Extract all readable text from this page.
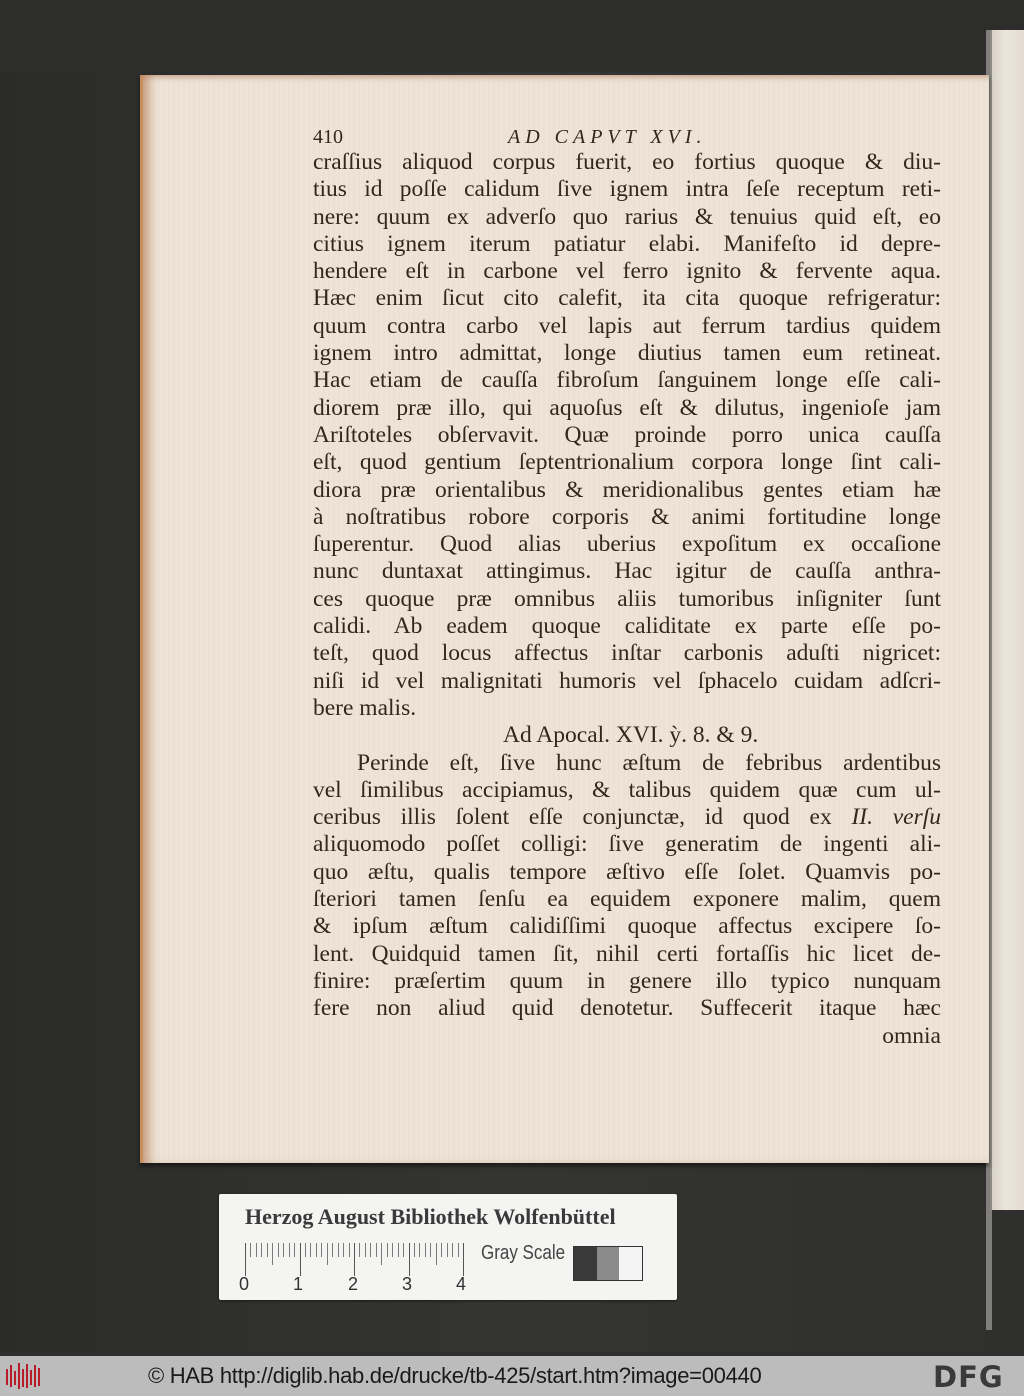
410	AD CAPVT XVI.
craſſius aliquod corpus fuerit, eo fortius quoque & diu-
tius id poſſe calidum ſive ignem intra ſeſe receptum reti-
nere: quum ex adverſo quo rarius & tenuius quid eſt, eo
citius ignem iterum patiatur elabi. Manifeſto id depre-
hendere eſt in carbone vel ferro ignito & fervente aqua.
Hæc enim ſicut cito calefit, ita cita quoque refrigeratur:
quum contra carbo vel lapis aut ferrum tardius quidem
ignem intro admittat, longe diutius tamen eum retineat.
Hac etiam de cauſſa fibroſum ſanguinem longe eſſe cali-
diorem præ illo, qui aquoſus eſt & dilutus, ingenioſe jam
Ariſtoteles obſervavit. Quæ proinde porro unica cauſſa
eſt, quod gentium ſeptentrionalium corpora longe ſint cali-
diora præ orientalibus & meridionalibus gentes etiam hæ
à noſtratibus robore corporis & animi fortitudine longe
ſuperentur. Quod alias uberius expoſitum ex occaſione
nunc duntaxat attingimus. Hac igitur de cauſſa anthra-
ces quoque præ omnibus aliis tumoribus inſigniter ſunt
calidi. Ab eadem quoque caliditate ex parte eſſe po-
teſt, quod locus affectus inſtar carbonis aduſti nigricet:
niſi id vel malignitati humoris vel ſphacelo cuidam adſcri-
bere malis.
Ad Apocal. XVI. ỳ. 8. & 9.
Perinde eſt, ſive hunc æſtum de febribus ardentibus
vel ſimilibus accipiamus, & talibus quidem quæ cum ul-
ceribus illis ſolent eſſe conjunctæ, id quod ex II. verſu
aliquomodo poſſet colligi: ſive generatim de ingenti ali-
quo æſtu, qualis tempore æſtivo eſſe ſolet. Quamvis po-
ſteriori tamen ſenſu ea equidem exponere malim, quem
& ipſum æſtum calidiſſimi quoque affectus excipere ſo-
lent. Quidquid tamen ſit, nihil certi fortaſſis hic licet de-
finire: præſertim quum in genere illo typico nunquam
fere non aliud quid denotetur. Suffecerit itaque hæc
omnia
Herzog August Bibliothek Wolfenbüttel
0 1 2 3 4
Gray Scale
© HAB http://diglib.hab.de/drucke/tb-425/start.htm?image=00440	DFG
